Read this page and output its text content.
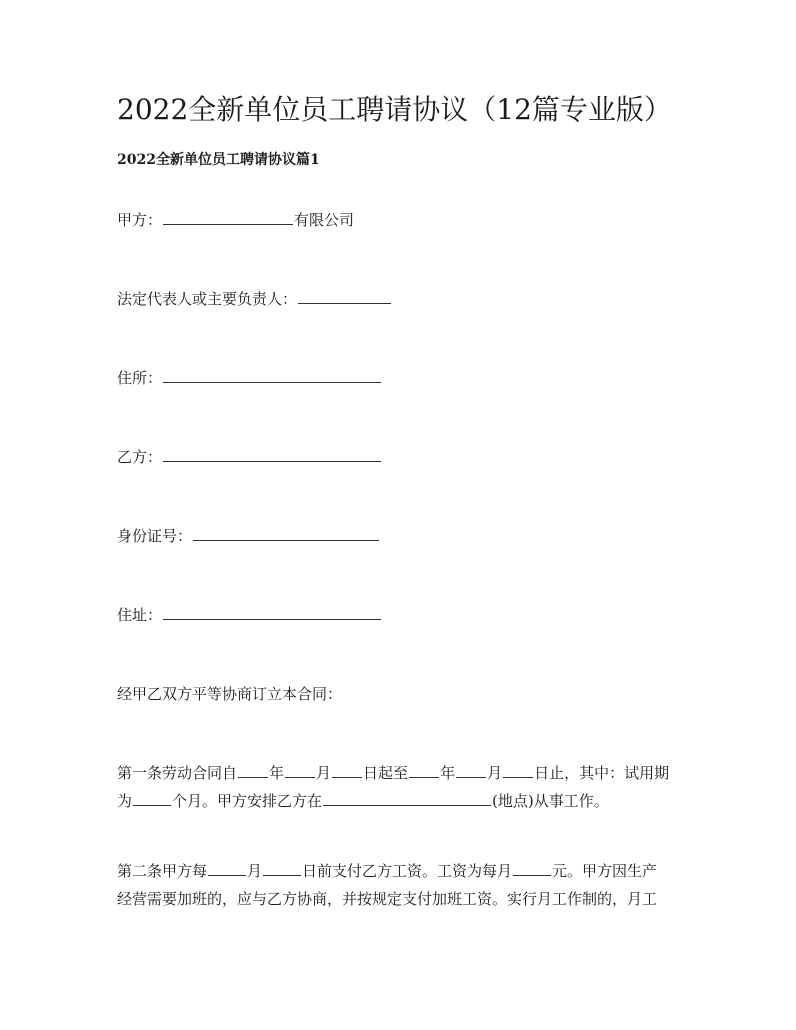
2022全新单位员工聘请协议（12篇专业版）
2022全新单位员工聘请协议篇1
甲方：	有限公司
法定代表人或主要负责人：
住所：
乙方：
身份证号：
住址：
经甲乙双方平等协商订立本合同：
第一条劳动合同自 年 月 日起至 年 月 日止，其中：试用期
为	个月。甲方安排乙方在	(地点)从事工作。
第二条甲方每	月	日前支付乙方工资。工资为每月	元。甲方因生产
经营需要加班的，应与乙方协商，并按规定支付加班工资。实行月工作制的，月工
